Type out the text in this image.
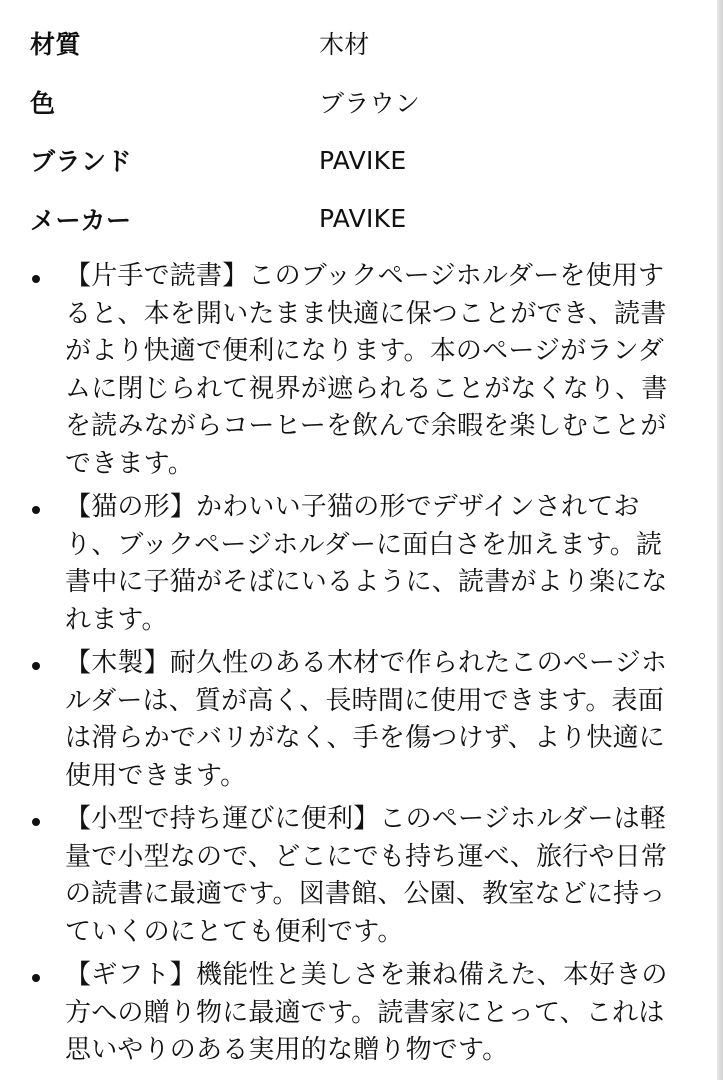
材質	木材
色	ブラウン
ブランド	PAVIKE
メーカー	PAVIKE
【片手で読書】このブックページホルダーを使用すると、本を開いたまま快適に保つことができ、読書がより快適で便利になります。本のページがランダムに閉じられて視界が遮られることがなくなり、書を読みながらコーヒーを飲んで余暇を楽しむことができます。
【猫の形】かわいい子猫の形でデザインされており、ブックページホルダーに面白さを加えます。読書中に子猫がそばにいるように、読書がより楽になれます。
【木製】耐久性のある木材で作られたこのページホルダーは、質が高く、長時間に使用できます。表面は滑らかでバリがなく、手を傷つけず、より快適に使用できます。
【小型で持ち運びに便利】このページホルダーは軽量で小型なので、どこにでも持ち運べ、旅行や日常の読書に最適です。図書館、公園、教室などに持っていくのにとても便利です。
【ギフト】機能性と美しさを兼ね備えた、本好きの方への贈り物に最適です。読書家にとって、これは思いやりのある実用的な贈り物です。
